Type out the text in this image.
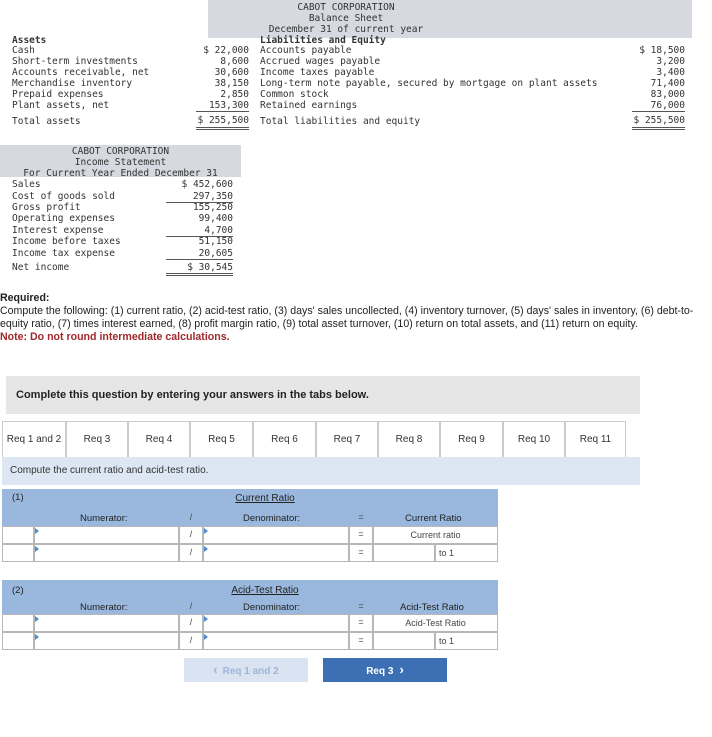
CABOT CORPORATION
Balance Sheet
December 31 of current year
Assets	Liabilities and Equity
Cash	$ 22,000
Short-term investments	8,600
Accounts receivable, net	30,600
Merchandise inventory	38,150
Prepaid expenses	2,850
Plant assets, net	153,300
Accounts payable	$ 18,500
Accrued wages payable	3,200
Income taxes payable	3,400
Long-term note payable, secured by mortgage on plant assets	71,400
Common stock	83,000
Retained earnings	76,000
Total assets	$ 255,500 Total liabilities and equity	$ 255,500
CABOT CORPORATION
Income Statement
For Current Year Ended December 31
Sales	$ 452,600
Cost of goods sold	297,350
Gross profit	155,250
Operating expenses	99,400
Interest expense	4,700
Income before taxes	51,150
Income tax expense	20,605
Net income	$ 30,545
Required:
Compute the following: (1) current ratio, (2) acid-test ratio, (3) days' sales uncollected, (4) inventory turnover, (5) days' sales in inventory, (6) debt-to-equity ratio, (7) times interest earned, (8) profit margin ratio, (9) total asset turnover, (10) return on total assets, and (11) return on equity.
Note: Do not round intermediate calculations.
Complete this question by entering your answers in the tabs below.
Req 1 and 2	Req 3	Req 4	Req 5	Req 6	Req 7	Req 8	Req 9	Req 10	Req 11
Compute the current ratio and acid-test ratio.
(1)	Current Ratio
Numerator:	/	Denominator:	=	Current Ratio
/	=	Current ratio
/	=	to 1
(2)	Acid-Test Ratio
Numerator:	/	Denominator:	=	Acid-Test Ratio
/	=	Acid-Test Ratio
/	=	to 1
‹ Req 1 and 2	Req 3 ›
